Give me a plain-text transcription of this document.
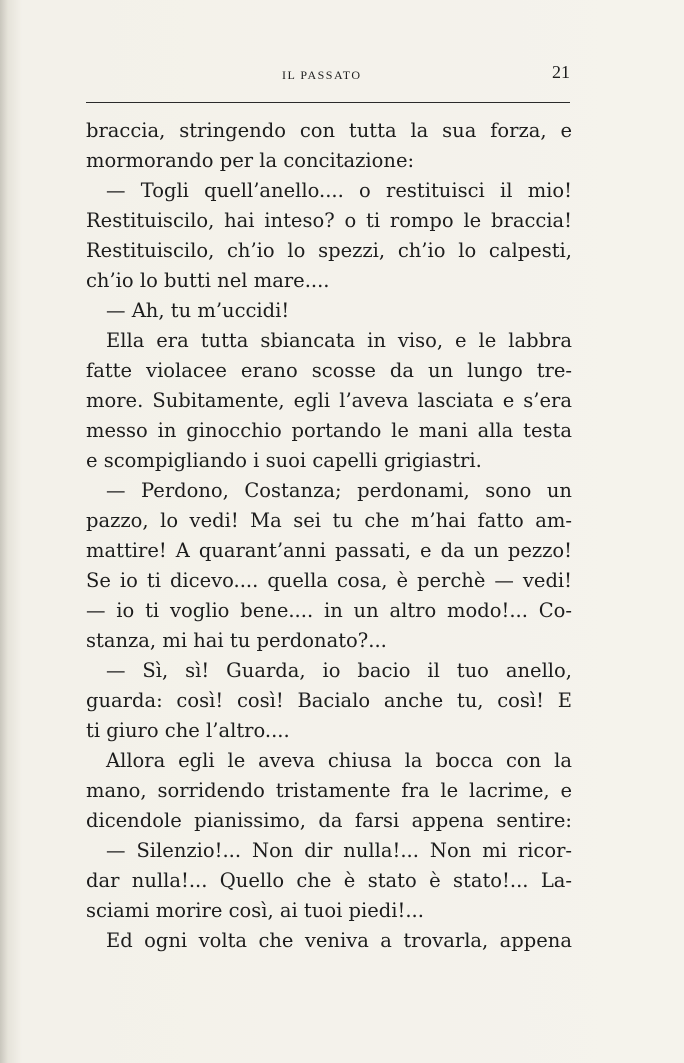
IL PASSATO	21
braccia, stringendo con tutta la sua forza, e
mormorando per la concitazione:
— Togli quell’anello.... o restituisci il mio!
Restituiscilo, hai inteso? o ti rompo le braccia!
Restituiscilo, ch’io lo spezzi, ch’io lo calpesti,
ch’io lo butti nel mare....
— Ah, tu m’uccidi!
Ella era tutta sbiancata in viso, e le labbra
fatte violacee erano scosse da un lungo tre-
more. Subitamente, egli l’aveva lasciata e s’era
messo in ginocchio portando le mani alla testa
e scompigliando i suoi capelli grigiastri.
— Perdono, Costanza; perdonami, sono un
pazzo, lo vedi! Ma sei tu che m’hai fatto am-
mattire! A quarant’anni passati, e da un pezzo!
Se io ti dicevo.... quella cosa, è perchè — vedi!
— io ti voglio bene.... in un altro modo!... Co-
stanza, mi hai tu perdonato?...
— Sì, sì! Guarda, io bacio il tuo anello,
guarda: così! così! Bacialo anche tu, così! E
ti giuro che l’altro....
Allora egli le aveva chiusa la bocca con la
mano, sorridendo tristamente fra le lacrime, e
dicendole pianissimo, da farsi appena sentire:
— Silenzio!... Non dir nulla!... Non mi ricor-
dar nulla!... Quello che è stato è stato!... La-
sciami morire così, ai tuoi piedi!...
Ed ogni volta che veniva a trovarla, appena
